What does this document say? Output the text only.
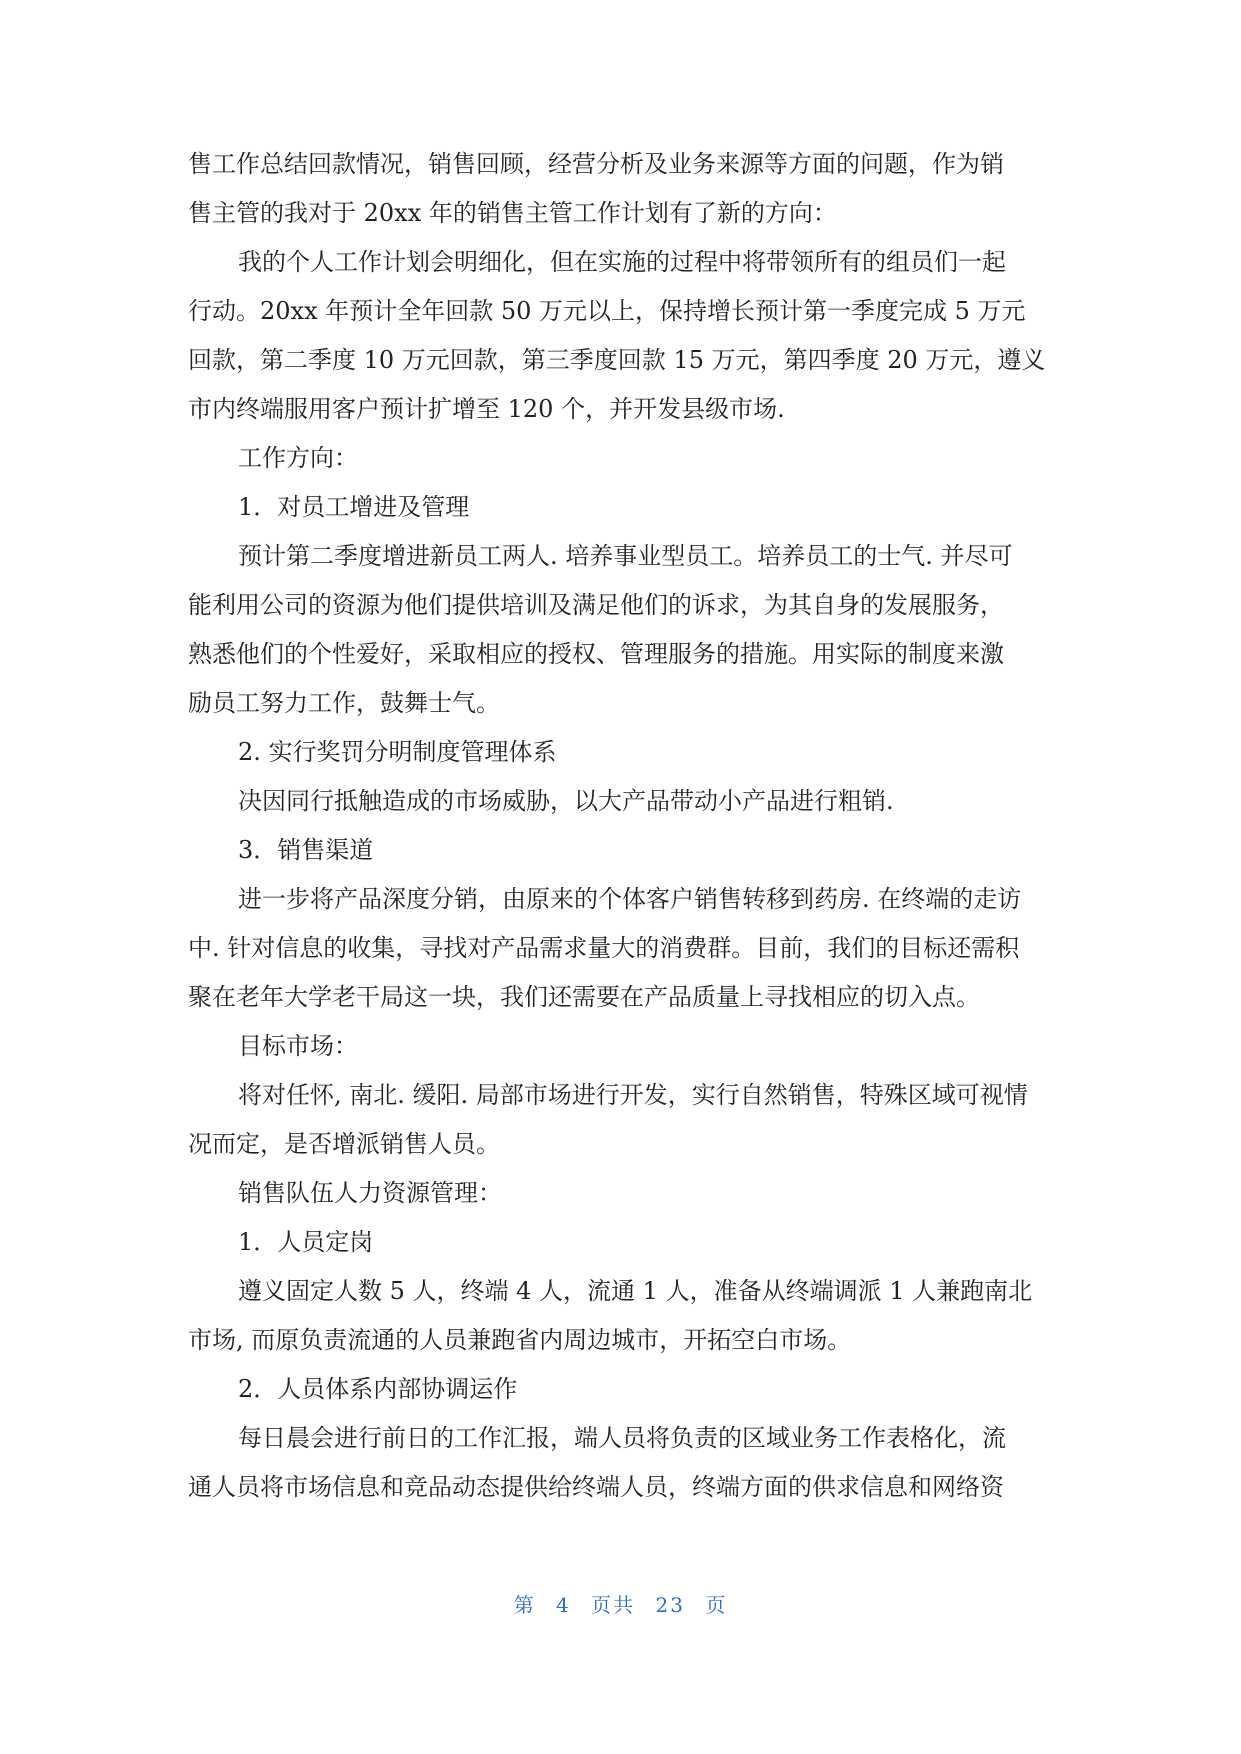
售工作总结回款情况，销售回顾，经营分析及业务来源等方面的问题，作为销
售主管的我对于 20xx 年的销售主管工作计划有了新的方向：
我的个人工作计划会明细化，但在实施的过程中将带领所有的组员们一起
行动。20xx 年预计全年回款 50 万元以上，保持增长预计第一季度完成 5 万元
回款，第二季度 10 万元回款，第三季度回款 15 万元，第四季度 20 万元，遵义
市内终端服用客户预计扩增至 120 个，并开发县级市场.
工作方向：
1．对员工增进及管理
预计第二季度增进新员工两人. 培养事业型员工。培养员工的士气. 并尽可
能利用公司的资源为他们提供培训及满足他们的诉求，为其自身的发展服务，
熟悉他们的个性爱好，采取相应的授权、管理服务的措施。用实际的制度来激
励员工努力工作，鼓舞士气。
2. 实行奖罚分明制度管理体系
决因同行抵触造成的市场威胁，以大产品带动小产品进行粗销.
3．销售渠道
进一步将产品深度分销，由原来的个体客户销售转移到药房. 在终端的走访
中. 针对信息的收集，寻找对产品需求量大的消费群。目前，我们的目标还需积
聚在老年大学老干局这一块，我们还需要在产品质量上寻找相应的切入点。
目标市场：
将对任怀, 南北. 缓阳. 局部市场进行开发，实行自然销售，特殊区域可视情
况而定，是否增派销售人员。
销售队伍人力资源管理：
1．人员定岗
遵义固定人数 5 人，终端 4 人，流通 1 人，准备从终端调派 1 人兼跑南北
市场, 而原负责流通的人员兼跑省内周边城市，开拓空白市场。
2．人员体系内部协调运作
每日晨会进行前日的工作汇报，端人员将负责的区域业务工作表格化，流
通人员将市场信息和竞品动态提供给终端人员，终端方面的供求信息和网络资
第 4 页共 23 页
